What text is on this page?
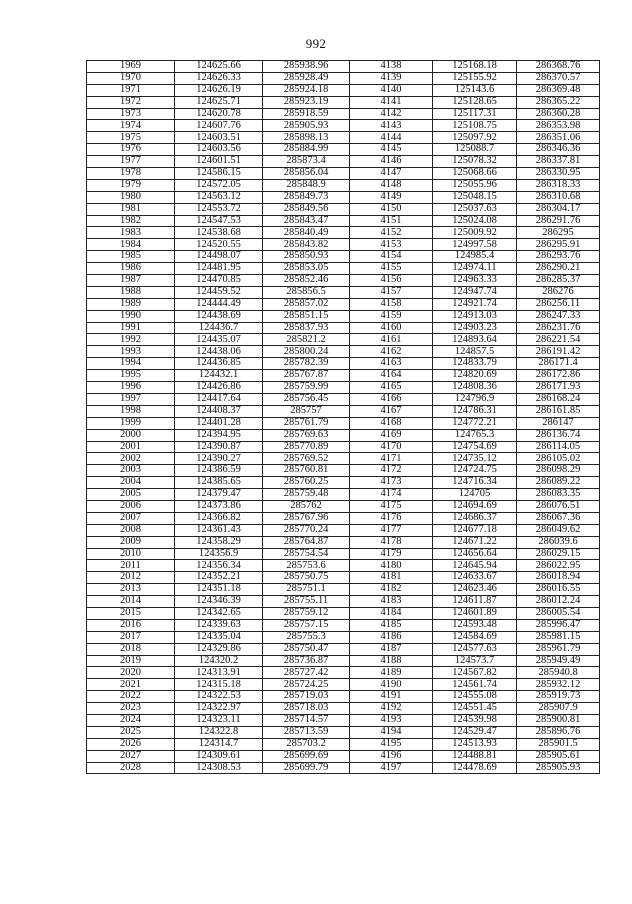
992
1969	124625.66	285938.96	4138	125168.18	286368.76
1970	124626.33	285928.49	4139	125155.92	286370.57
1971	124626.19	285924.18	4140	125143.6	286369.48
1972	124625.71	285923.19	4141	125128.65	286365.22
1973	124620.78	285918.59	4142	125117.31	286360.28
1974	124607.76	285905.93	4143	125108.75	286353.98
1975	124603.51	285898.13	4144	125097.92	286351.06
1976	124603.56	285884.99	4145	125088.7	286346.36
1977	124601.51	285873.4	4146	125078.32	286337.81
1978	124586.15	285856.04	4147	125068.66	286330.95
1979	124572.05	285848.9	4148	125055.96	286318.33
1980	124563.12	285849.73	4149	125048.15	286310.68
1981	124553.72	285849.56	4150	125037.63	286304.17
1982	124547.53	285843.47	4151	125024.08	286291.76
1983	124538.68	285840.49	4152	125009.92	286295
1984	124520.55	285843.82	4153	124997.58	286295.91
1985	124498.07	285850.93	4154	124985.4	286293.76
1986	124481.95	285853.05	4155	124974.11	286290.21
1987	124470.85	285852.46	4156	124963.33	286285.37
1988	124459.52	285856.5	4157	124947.74	286276
1989	124444.49	285857.02	4158	124921.74	286256.11
1990	124438.69	285851.15	4159	124913.03	286247.33
1991	124436.7	285837.93	4160	124903.23	286231.76
1992	124435.07	285821.2	4161	124893.64	286221.54
1993	124438.06	285800.24	4162	124857.5	286191.42
1994	124436.85	285782.39	4163	124833.79	286171.4
1995	124432.1	285767.87	4164	124820.69	286172.86
1996	124426.86	285759.99	4165	124808.36	286171.93
1997	124417.64	285756.45	4166	124796.9	286168.24
1998	124408.37	285757	4167	124786.31	286161.85
1999	124401.28	285761.79	4168	124772.21	286147
2000	124394.95	285769.63	4169	124765.3	286136.74
2001	124390.87	285770.89	4170	124754.69	286114.05
2002	124390.27	285769.52	4171	124735.12	286105.02
2003	124386.59	285760.81	4172	124724.75	286098.29
2004	124385.65	285760.25	4173	124716.34	286089.22
2005	124379.47	285759.48	4174	124705	286083.35
2006	124373.86	285762	4175	124694.69	286076.51
2007	124366.82	285767.96	4176	124686.37	286067.36
2008	124361.43	285770.24	4177	124677.18	286049.62
2009	124358.29	285764.87	4178	124671.22	286039.6
2010	124356.9	285754.54	4179	124656.64	286029.15
2011	124356.34	285753.6	4180	124645.94	286022.95
2012	124352.21	285750.75	4181	124633.67	286018.94
2013	124351.18	285751.1	4182	124623.46	286016.55
2014	124346.39	285755.11	4183	124611.87	286012.24
2015	124342.65	285759.12	4184	124601.89	286005.54
2016	124339.63	285757.15	4185	124593.48	285996.47
2017	124335.04	285755.3	4186	124584.69	285981.15
2018	124329.86	285750.47	4187	124577.63	285961.79
2019	124320.2	285736.87	4188	124573.7	285949.49
2020	124313.91	285727.42	4189	124567.82	285940.8
2021	124315.18	285724.25	4190	124561.74	285932.12
2022	124322.53	285719.03	4191	124555.08	285919.73
2023	124322.97	285718.03	4192	124551.45	285907.9
2024	124323.11	285714.57	4193	124539.98	285900.81
2025	124322.8	285713.59	4194	124529.47	285896.76
2026	124314.7	285703.2	4195	124513.93	285901.5
2027	124309.61	285699.69	4196	124488.81	285905.61
2028	124308.53	285699.79	4197	124478.69	285905.93
